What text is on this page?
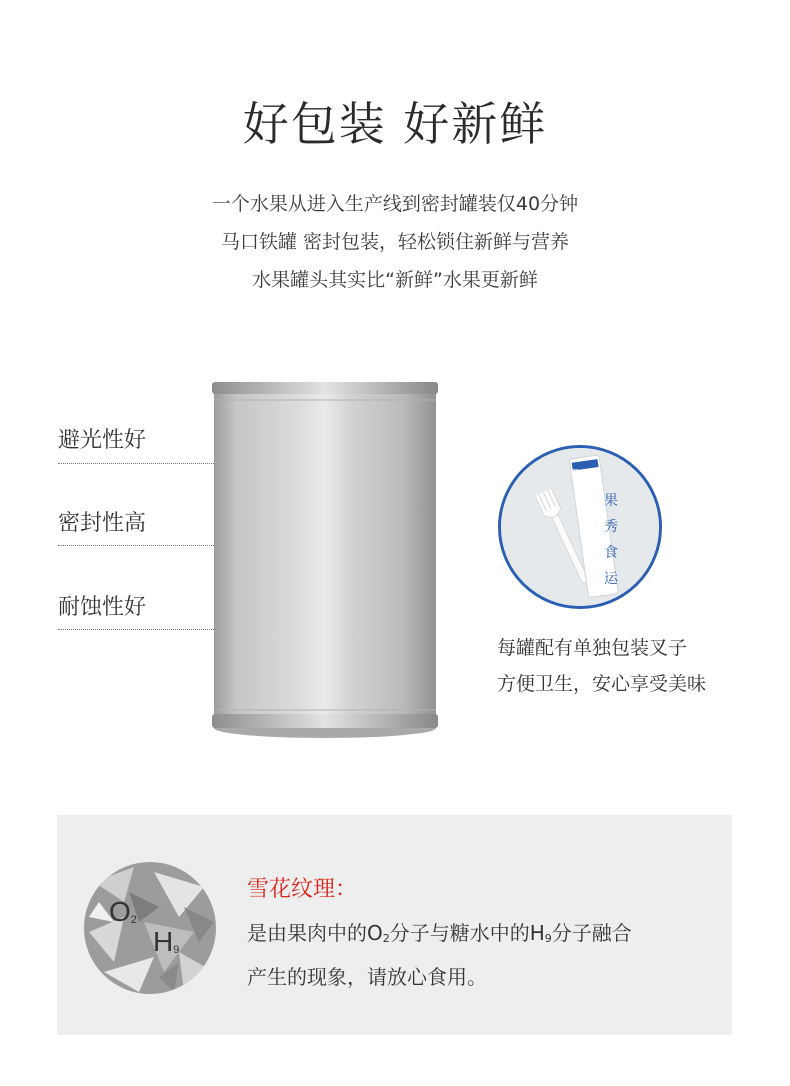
好包装 好新鲜
一个水果从进入生产线到密封罐装仅40分钟
马口铁罐 密封包装，轻松锁住新鲜与营养
水果罐头其实比“新鲜”水果更新鲜
避光性好
密封性高
耐蚀性好
果秀
果
秀
食
运
每罐配有单独包装叉子
方便卫生，安心享受美味
O2
H9
雪花纹理：
是由果肉中的O2分子与糖水中的H9分子融合
产生的现象，请放心食用。
